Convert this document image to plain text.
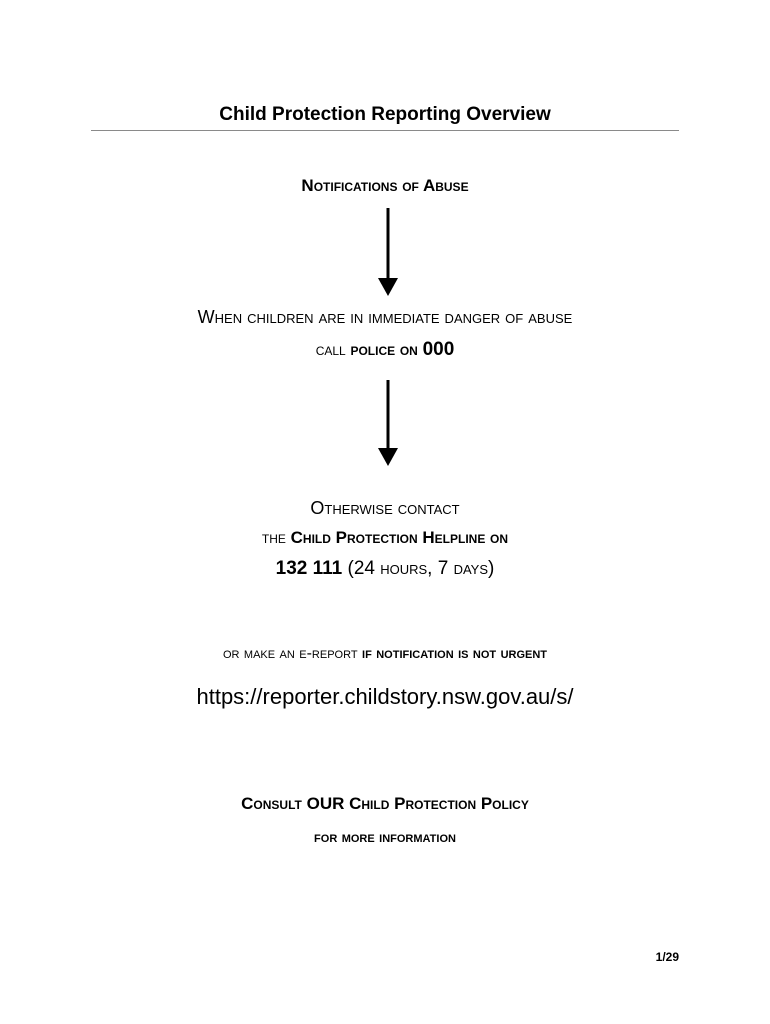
Child Protection Reporting Overview
Notifications of Abuse
When children are in immediate danger of abuse
call police on 000
Otherwise contact
the Child Protection Helpline on
132 111 (24 hours, 7 days)
or make an e-report if notification is not urgent
https://reporter.childstory.nsw.gov.au/s/
Consult OUR Child Protection Policy
for more information
1/29
